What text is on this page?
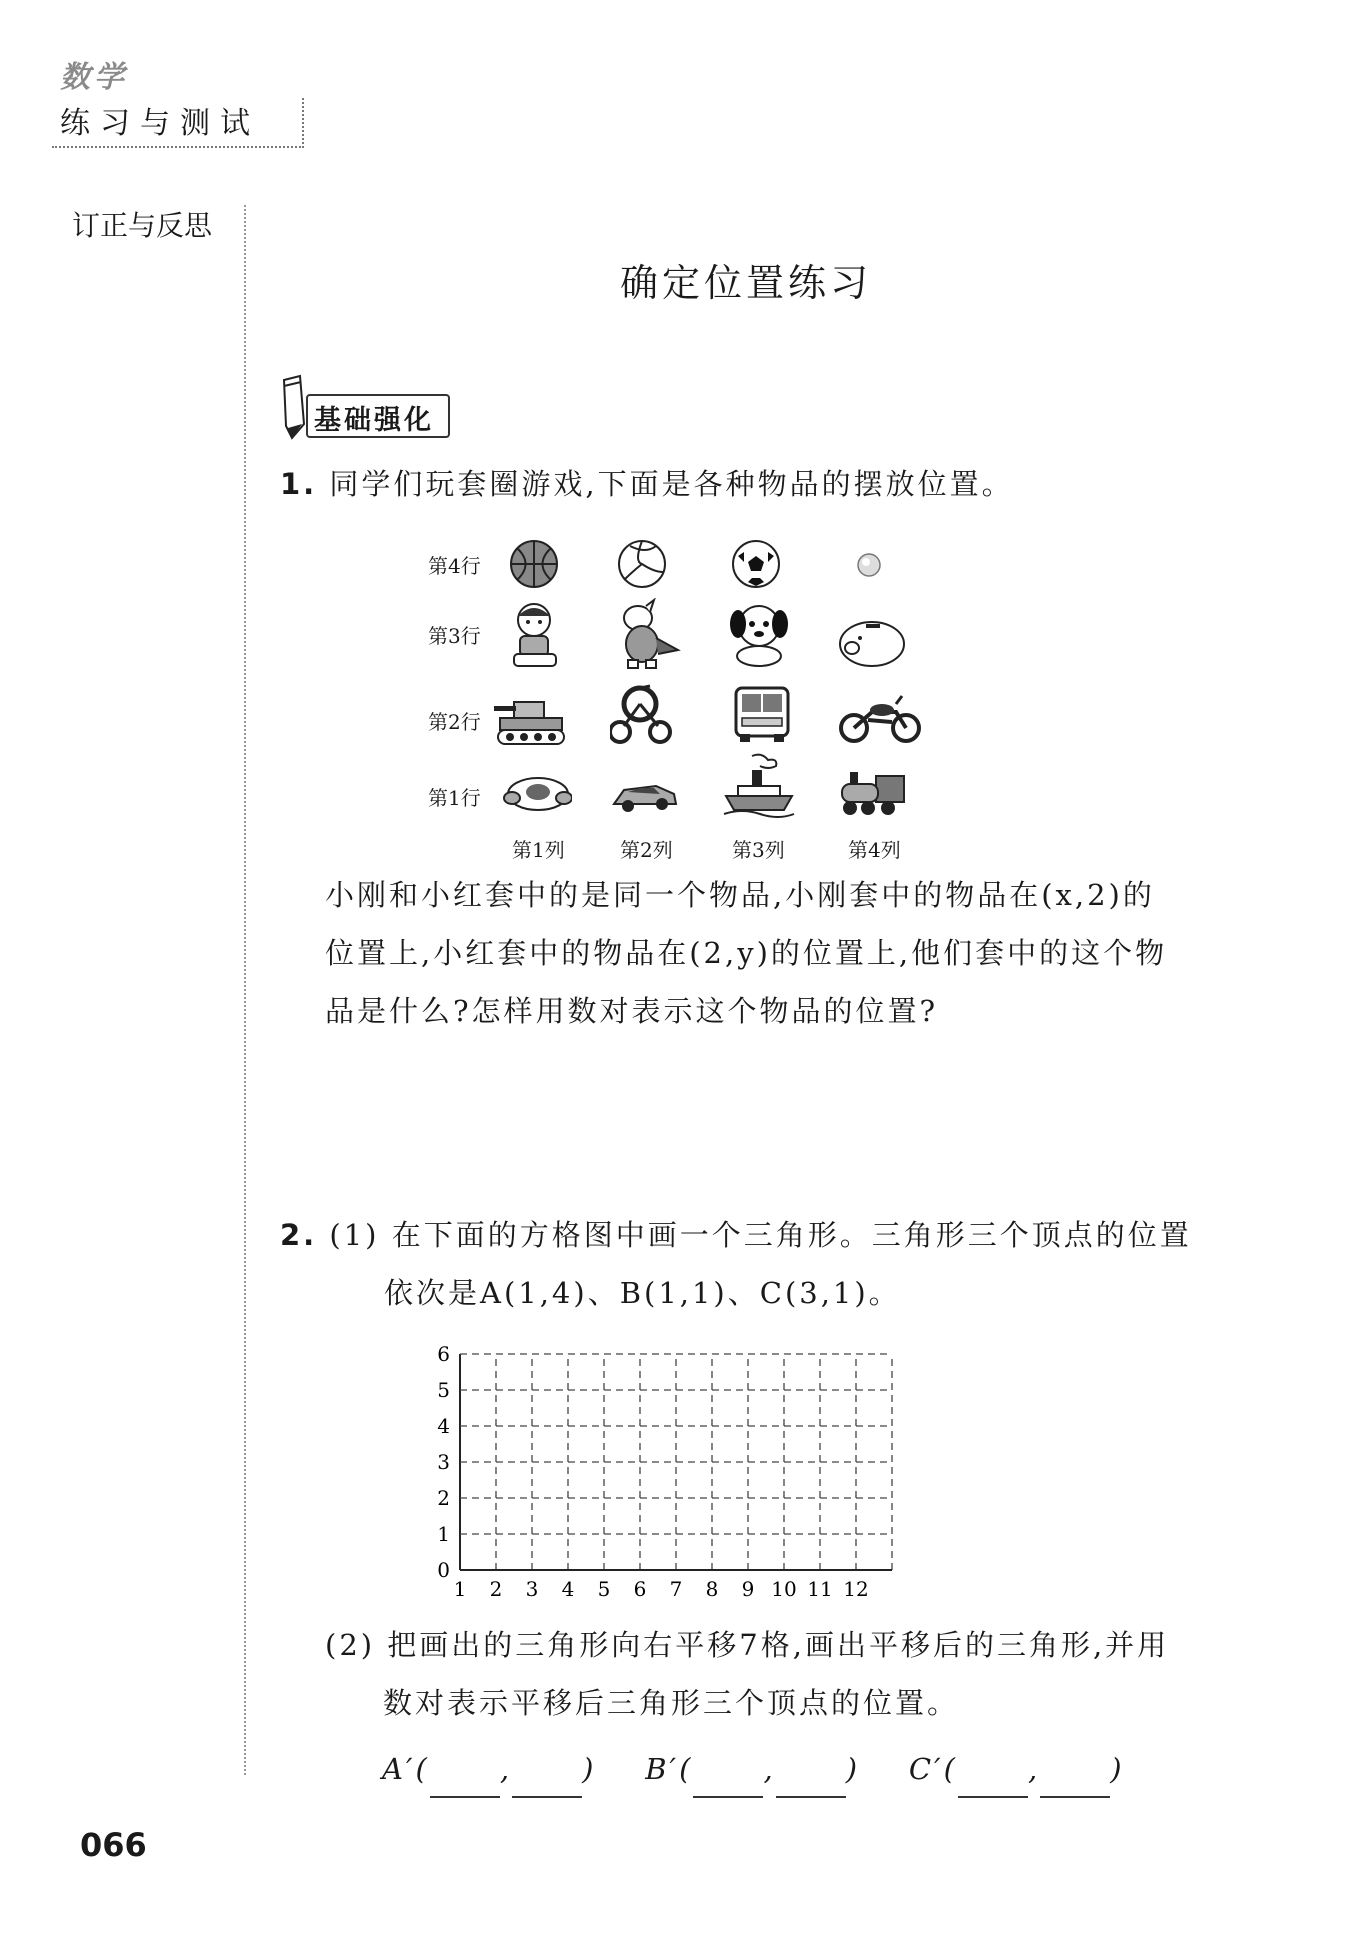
数学
练习与测试
订正与反思
确定位置练习
基础强化
1. 同学们玩套圈游戏,下面是各种物品的摆放位置。
第4行
第3行
第2行
第1行
第1列	第2列	第3列	第4列
小刚和小红套中的是同一个物品,小刚套中的物品在(x,2)的
位置上,小红套中的物品在(2,y)的位置上,他们套中的这个物
品是什么?怎样用数对表示这个物品的位置?
2. (1) 在下面的方格图中画一个三角形。三角形三个顶点的位置
依次是A(1,4)、B(1,1)、C(3,1)。
0
1
2
3
4
5
6
1 2 3 4 5 6 7 8 9 10 11 12
(2) 把画出的三角形向右平移7格,画出平移后的三角形,并用
数对表示平移后三角形三个顶点的位置。
A′( , )    B′( , )    C′( , )
066
